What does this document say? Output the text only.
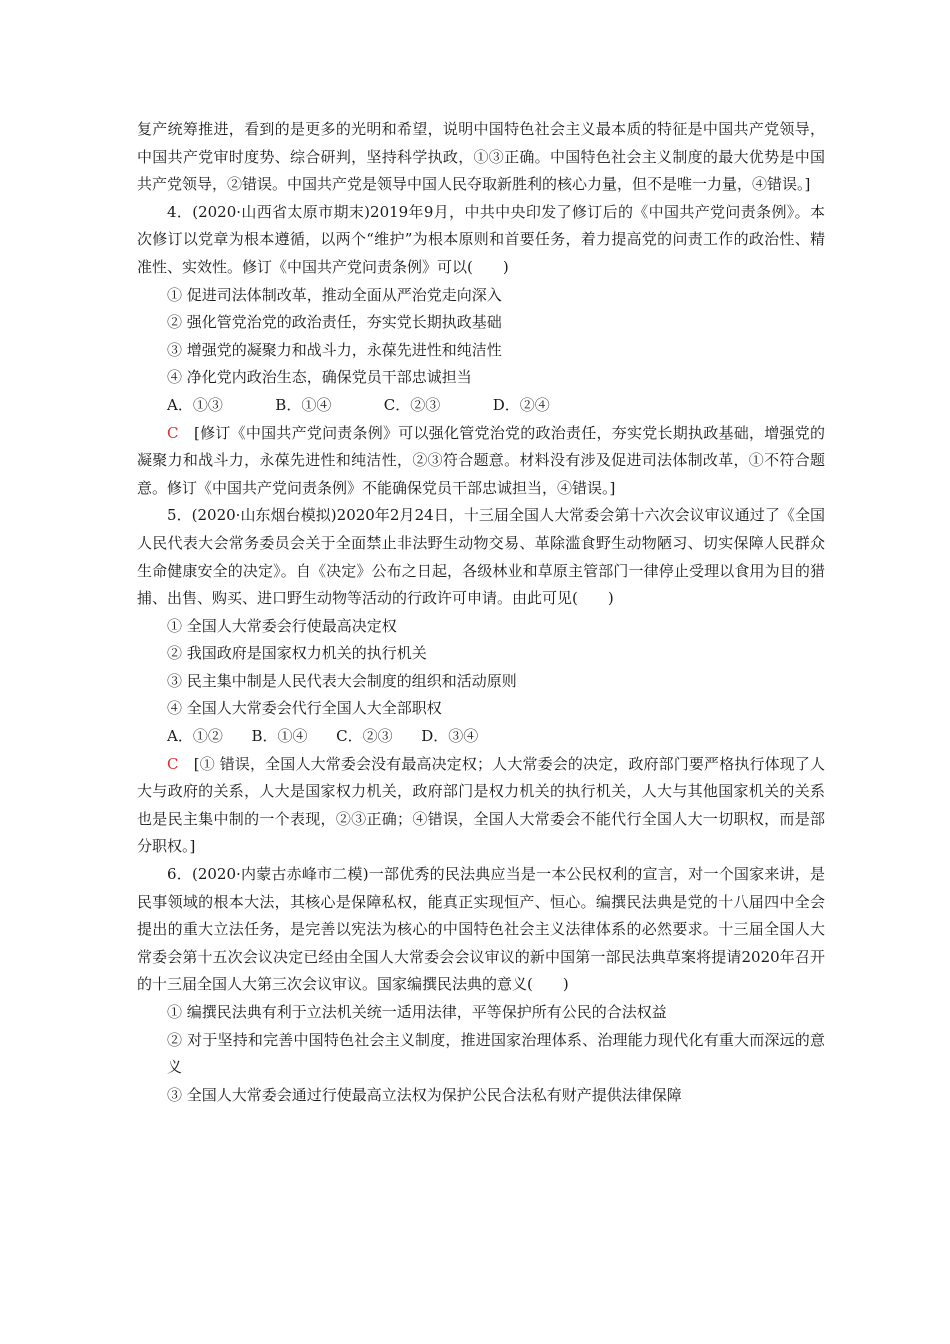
复产统筹推进，看到的是更多的光明和希望，说明中国特色社会主义最本质的特征是中国共产党领导，中国共产党审时度势、综合研判，坚持科学执政，①③正确。中国特色社会主义制度的最大优势是中国共产党领导，②错误。中国共产党是领导中国人民夺取新胜利的核心力量，但不是唯一力量，④错误。]

4．(2020·山西省太原市期末)2019年9月，中共中央印发了修订后的《中国共产党问责条例》。本次修订以党章为根本遵循，以两个“维护”为根本原则和首要任务，着力提高党的问责工作的政治性、精准性、实效性。修订《中国共产党问责条例》可以(　　)

① 促进司法体制改革，推动全面从严治党走向深入

② 强化管党治党的政治责任，夯实党长期执政基础

③ 增强党的凝聚力和战斗力，永葆先进性和纯洁性

④ 净化党内政治生态，确保党员干部忠诚担当

A．①③	B．①④	C．②③	D．②④

C　[修订《中国共产党问责条例》可以强化管党治党的政治责任，夯实党长期执政基础，增强党的凝聚力和战斗力，永葆先进性和纯洁性，②③符合题意。材料没有涉及促进司法体制改革，①不符合题意。修订《中国共产党问责条例》不能确保党员干部忠诚担当，④错误。]

5．(2020·山东烟台模拟)2020年2月24日，十三届全国人大常委会第十六次会议审议通过了《全国人民代表大会常务委员会关于全面禁止非法野生动物交易、革除滥食野生动物陋习、切实保障人民群众生命健康安全的决定》。自《决定》公布之日起，各级林业和草原主管部门一律停止受理以食用为目的猎捕、出售、购买、进口野生动物等活动的行政许可申请。由此可见(　　)

① 全国人大常委会行使最高决定权

② 我国政府是国家权力机关的执行机关

③ 民主集中制是人民代表大会制度的组织和活动原则

④ 全国人大常委会代行全国人大全部职权

A．①② B．①④ C．②③ D．③④

C　[① 错误，全国人大常委会没有最高决定权；人大常委会的决定，政府部门要严格执行体现了人大与政府的关系，人大是国家权力机关，政府部门是权力机关的执行机关，人大与其他国家机关的关系也是民主集中制的一个表现，②③正确；④错误，全国人大常委会不能代行全国人大一切职权，而是部分职权。]

6．(2020·内蒙古赤峰市二模)一部优秀的民法典应当是一本公民权利的宣言，对一个国家来讲，是民事领域的根本大法，其核心是保障私权，能真正实现恒产、恒心。编撰民法典是党的十八届四中全会提出的重大立法任务，是完善以宪法为核心的中国特色社会主义法律体系的必然要求。十三届全国人大常委会第十五次会议决定已经由全国人大常委会会议审议的新中国第一部民法典草案将提请2020年召开的十三届全国人大第三次会议审议。国家编撰民法典的意义(　　)

① 编撰民法典有利于立法机关统一适用法律，平等保护所有公民的合法权益

② 对于坚持和完善中国特色社会主义制度，推进国家治理体系、治理能力现代化有重大而深远的意义

③ 全国人大常委会通过行使最高立法权为保护公民合法私有财产提供法律保障
